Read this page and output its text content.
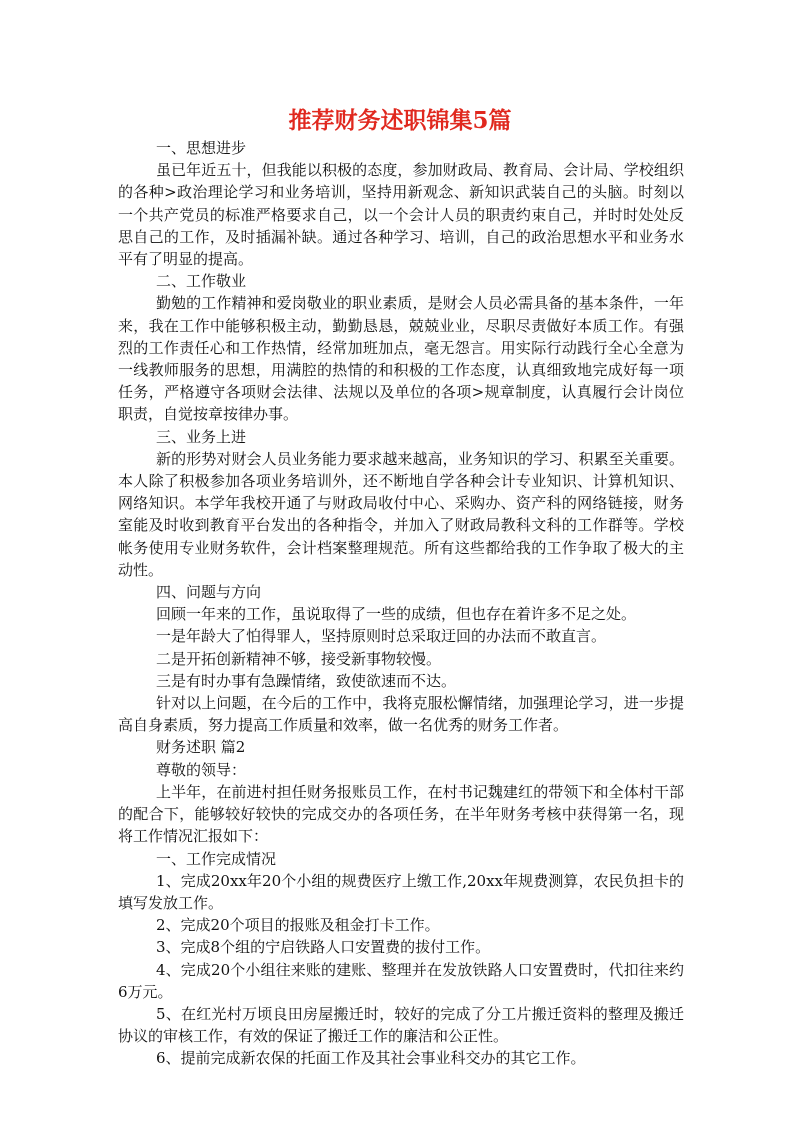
推荐财务述职锦集5篇

一、思想进步

虽已年近五十，但我能以积极的态度，参加财政局、教育局、会计局、学校组织的各种>政治理论学习和业务培训，坚持用新观念、新知识武装自己的头脑。时刻以一个共产党员的标准严格要求自己，以一个会计人员的职责约束自己，并时时处处反思自己的工作，及时插漏补缺。通过各种学习、培训，自己的政治思想水平和业务水平有了明显的提高。

二、工作敬业

勤勉的工作精神和爱岗敬业的职业素质，是财会人员必需具备的基本条件，一年来，我在工作中能够积极主动，勤勤恳恳，兢兢业业，尽职尽责做好本质工作。有强烈的工作责任心和工作热情，经常加班加点，毫无怨言。用实际行动践行全心全意为一线教师服务的思想，用满腔的热情的和积极的工作态度，认真细致地完成好每一项任务，严格遵守各项财会法律、法规以及单位的各项>规章制度，认真履行会计岗位职责，自觉按章按律办事。

三、业务上进

新的形势对财会人员业务能力要求越来越高，业务知识的学习、积累至关重要。本人除了积极参加各项业务培训外，还不断地自学各种会计专业知识、计算机知识、网络知识。本学年我校开通了与财政局收付中心、采购办、资产科的网络链接，财务室能及时收到教育平台发出的各种指令，并加入了财政局教科文科的工作群等。学校帐务使用专业财务软件，会计档案整理规范。所有这些都给我的工作争取了极大的主动性。

四、问题与方向

回顾一年来的工作，虽说取得了一些的成绩，但也存在着许多不足之处。

一是年龄大了怕得罪人，坚持原则时总采取迂回的办法而不敢直言。

二是开拓创新精神不够，接受新事物较慢。

三是有时办事有急躁情绪，致使欲速而不达。

针对以上问题，在今后的工作中，我将克服松懈情绪，加强理论学习，进一步提高自身素质，努力提高工作质量和效率，做一名优秀的财务工作者。

财务述职 篇2

尊敬的领导：

上半年，在前进村担任财务报账员工作，在村书记魏建红的带领下和全体村干部的配合下，能够较好较快的完成交办的各项任务，在半年财务考核中获得第一名，现将工作情况汇报如下：

一、工作完成情况

1、完成20xx年20个小组的规费医疗上缴工作,20xx年规费测算，农民负担卡的填写发放工作。

2、完成20个项目的报账及租金打卡工作。

3、完成8个组的宁启铁路人口安置费的拔付工作。

4、完成20个小组往来账的建账、整理并在发放铁路人口安置费时，代扣往来约6万元。

5、在红光村万顷良田房屋搬迁时，较好的完成了分工片搬迁资料的整理及搬迁协议的审核工作，有效的保证了搬迁工作的廉洁和公正性。

6、提前完成新农保的托面工作及其社会事业科交办的其它工作。
